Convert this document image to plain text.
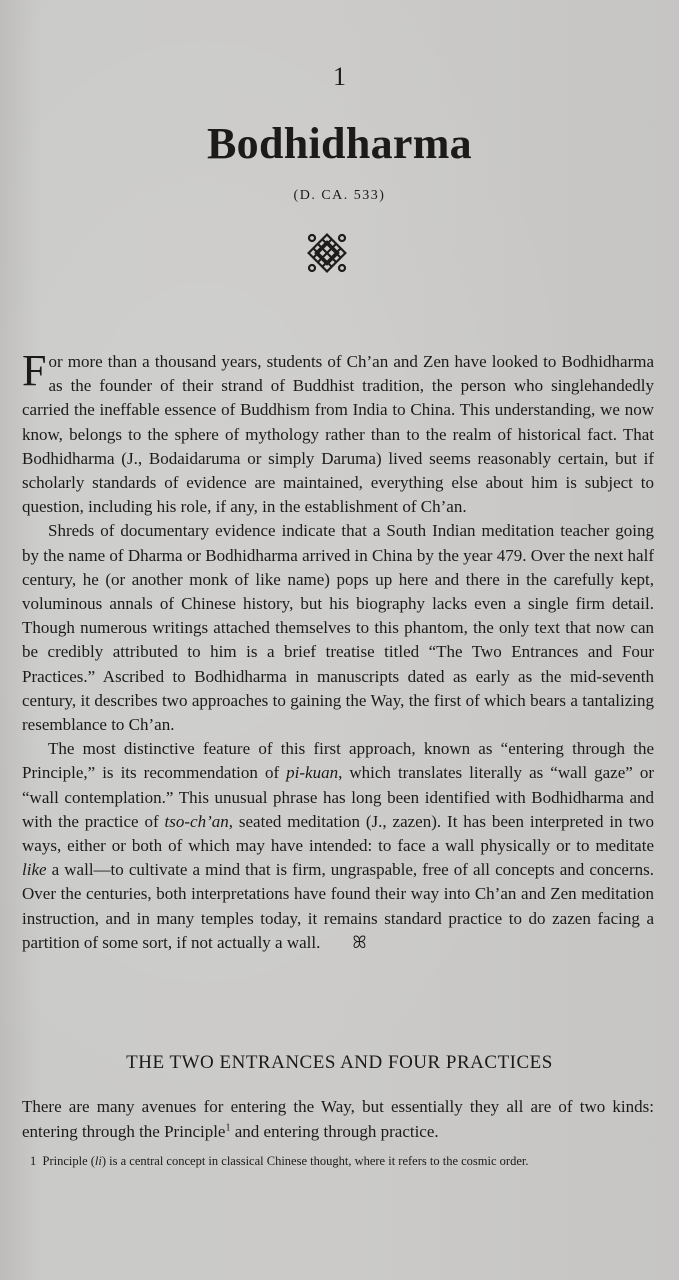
1
Bodhidharma
(D. CA. 533)

For more than a thousand years, students of Ch’an and Zen have looked to Bodhidharma as the founder of their strand of Buddhist tradition, the person who singlehandedly carried the ineffable essence of Buddhism from India to China. This understanding, we now know, belongs to the sphere of mythology rather than to the realm of historical fact. That Bodhidharma (J., Bodaidaruma or simply Daruma) lived seems reasonably certain, but if scholarly standards of evidence are maintained, everything else about him is subject to question, including his role, if any, in the establishment of Ch’an.

Shreds of documentary evidence indicate that a South Indian meditation teacher going by the name of Dharma or Bodhidharma arrived in China by the year 479. Over the next half century, he (or another monk of like name) pops up here and there in the carefully kept, voluminous annals of Chinese history, but his biography lacks even a single firm detail. Though numerous writings attached themselves to this phantom, the only text that now can be credibly attributed to him is a brief treatise titled “The Two Entrances and Four Practices.” Ascribed to Bodhidharma in manuscripts dated as early as the mid-seventh century, it describes two approaches to gaining the Way, the first of which bears a tantalizing resemblance to Ch’an.

The most distinctive feature of this first approach, known as “entering through the Principle,” is its recommendation of pi-kuan, which translates literally as “wall gaze” or “wall contemplation.” This unusual phrase has long been identified with Bodhidharma and with the practice of tso-ch’an, seated meditation (J., zazen). It has been interpreted in two ways, either or both of which may have intended: to face a wall physically or to meditate like a wall—to cultivate a mind that is firm, ungraspable, free of all concepts and concerns. Over the centuries, both interpretations have found their way into Ch’an and Zen meditation instruction, and in many temples today, it remains standard practice to do zazen facing a partition of some sort, if not actually a wall. ꕤ

THE TWO ENTRANCES AND FOUR PRACTICES
There are many avenues for entering the Way, but essentially they all are of two kinds: entering through the Principle$^1$ and entering through practice.
1 Principle (li) is a central concept in classical Chinese thought, where it refers to the cosmic order.
